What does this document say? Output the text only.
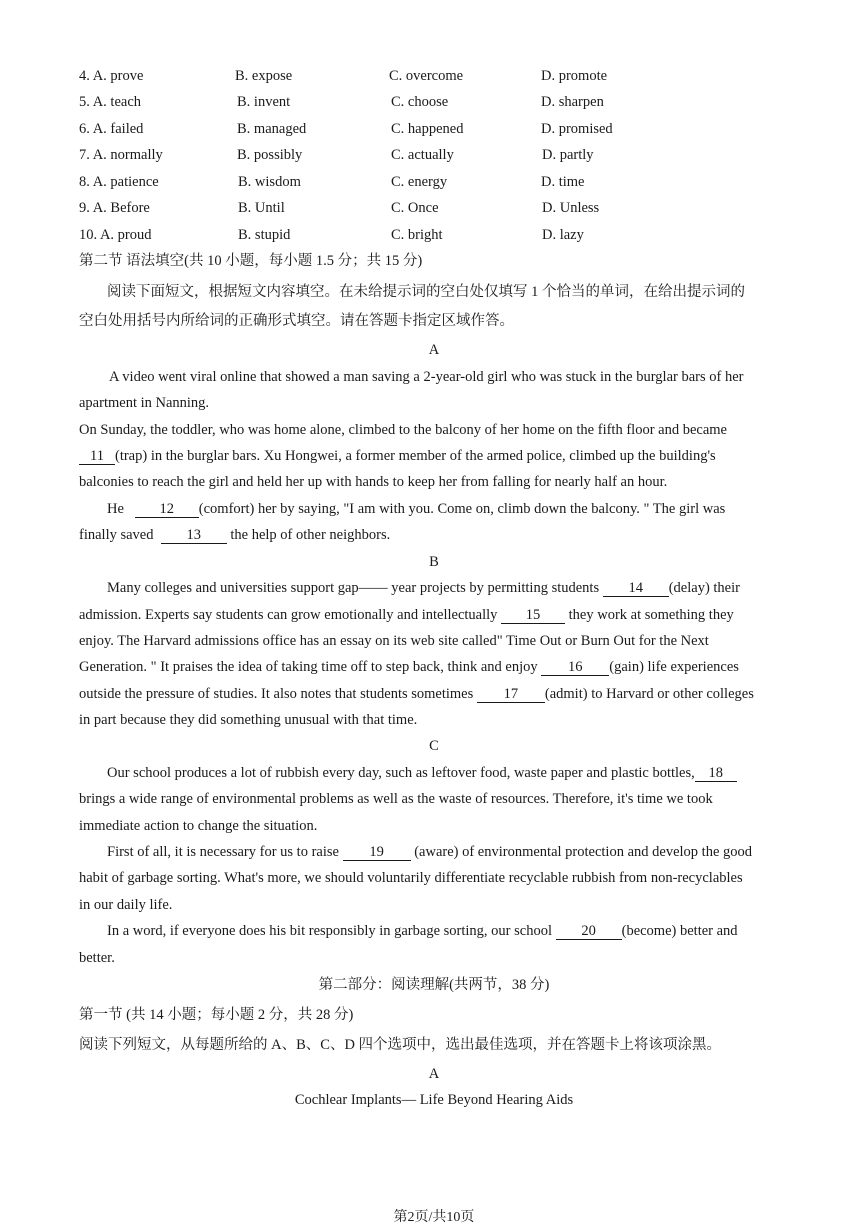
4. A. prove	B. expose	C. overcome	D. promote
5. A. teach	B. invent	C. choose	D. sharpen
6. A. failed	B. managed	C. happened	D. promised
7. A. normally	B. possibly	C. actually	D. partly
8. A. patience	B. wisdom	C. energy	D. time
9. A. Before	B. Until	C. Once	D. Unless
10. A. proud	B. stupid	C. bright	D. lazy
第二节 语法填空(共 10 小题，每小题 1.5 分；共 15 分)
阅读下面短文，根据短文内容填空。在未给提示词的空白处仅填写 1 个恰当的单词，在给出提示词的
空白处用括号内所给词的正确形式填空。请在答题卡指定区域作答。
A
A video went viral online that showed a man saving a 2-year-old girl who was stuck in the burglar bars of her
apartment in Nanning.
On Sunday, the toddler, who was home alone, climbed to the balcony of her home on the fifth floor and became
11 (trap) in the burglar bars. Xu Hongwei, a former member of the armed police, climbed up the building's
balconies to reach the girl and held her up with hands to keep her from falling for nearly half an hour.
He 12 (comfort) her by saying, "I am with you. Come on, climb down the balcony. " The girl was
finally saved 13 the help of other neighbors.
B
Many colleges and universities support gap—— year projects by permitting students 14 (delay) their
admission. Experts say students can grow emotionally and intellectually 15 they work at something they
enjoy. The Harvard admissions office has an essay on its web site called" Time Out or Burn Out for the Next
Generation. " It praises the idea of taking time off to step back, think and enjoy 16 (gain) life experiences
outside the pressure of studies. It also notes that students sometimes 17 (admit) to Harvard or other colleges
in part because they did something unusual with that time.
C
Our school produces a lot of rubbish every day, such as leftover food, waste paper and plastic bottles, 18
brings a wide range of environmental problems as well as the waste of resources. Therefore, it's time we took
immediate action to change the situation.
First of all, it is necessary for us to raise 19 (aware) of environmental protection and develop the good
habit of garbage sorting. What's more, we should voluntarily differentiate recyclable rubbish from non-recyclables
in our daily life.
In a word, if everyone does his bit responsibly in garbage sorting, our school 20 (become) better and
better.
第二部分：阅读理解(共两节，38 分)
第一节 (共 14 小题；每小题 2 分，共 28 分)
阅读下列短文，从每题所给的 A、B、C、D 四个选项中，选出最佳选项，并在答题卡上将该项涂黑。
A
Cochlear Implants— Life Beyond Hearing Aids
第2页/共10页
